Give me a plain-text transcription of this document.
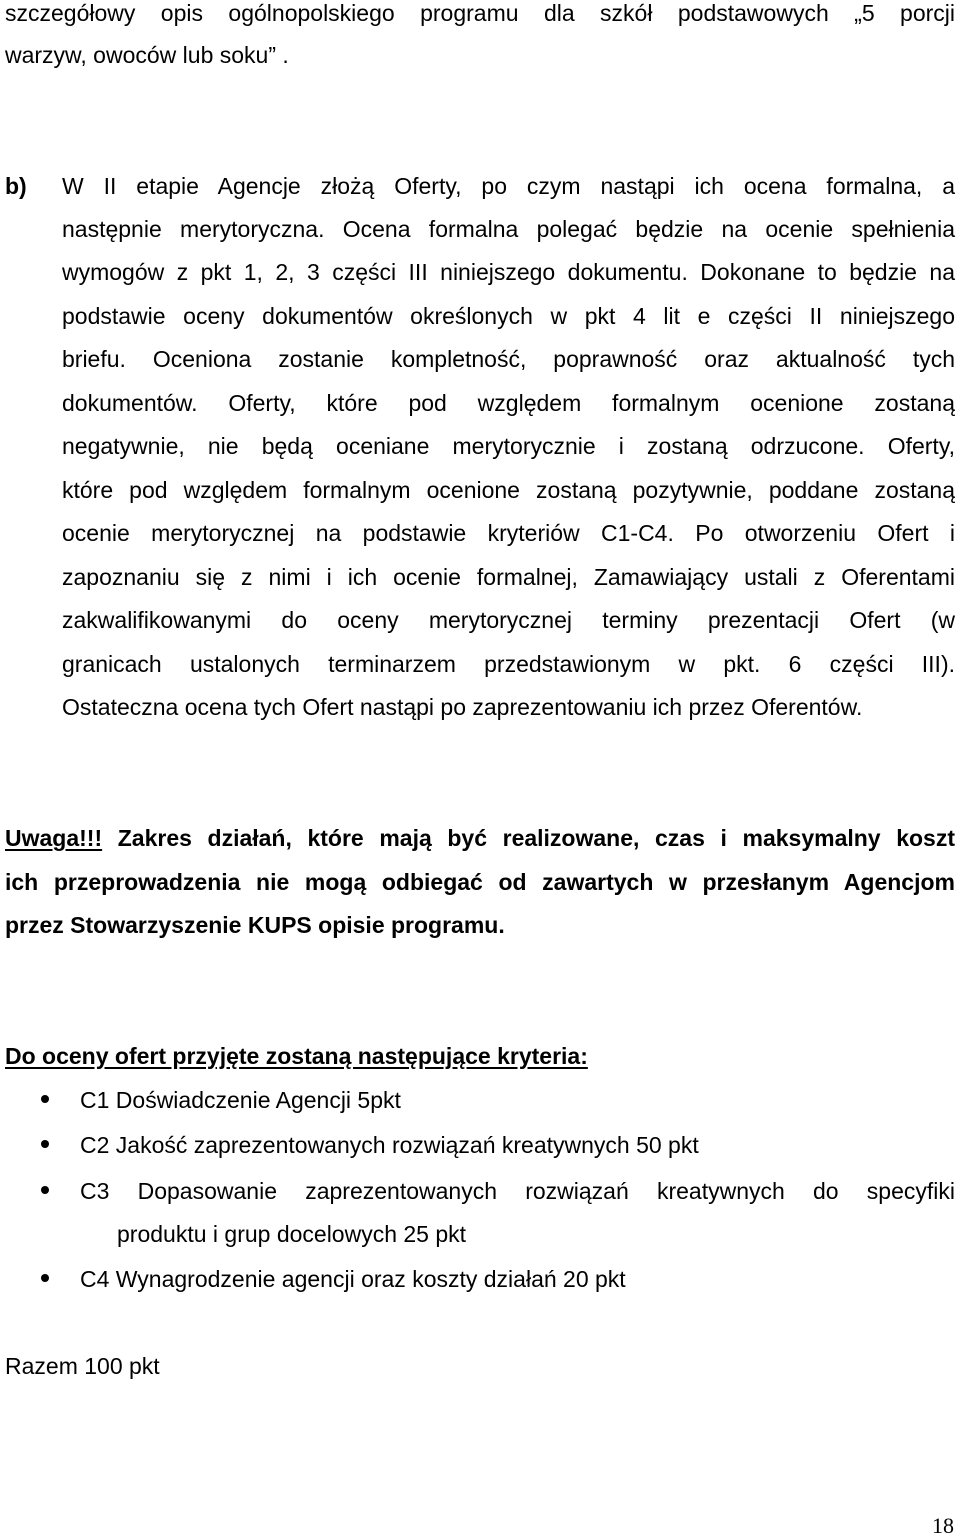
szczegółowy opis ogólnopolskiego programu dla szkół podstawowych „5 porcji
warzyw, owoców lub soku” .
b) W II etapie Agencje złożą Oferty, po czym nastąpi ich ocena formalna, a
następnie merytoryczna. Ocena formalna polegać będzie na ocenie spełnienia
wymogów z pkt 1, 2, 3 części III niniejszego dokumentu. Dokonane to będzie na
podstawie oceny dokumentów określonych w pkt 4 lit e części II niniejszego
briefu. Oceniona zostanie kompletność, poprawność oraz aktualność tych
dokumentów. Oferty, które pod względem formalnym ocenione zostaną
negatywnie, nie będą oceniane merytorycznie i zostaną odrzucone. Oferty,
które pod względem formalnym ocenione zostaną pozytywnie, poddane zostaną
ocenie merytorycznej na podstawie kryteriów C1-C4. Po otworzeniu Ofert i
zapoznaniu się z nimi i ich ocenie formalnej, Zamawiający ustali z Oferentami
zakwalifikowanymi do oceny merytorycznej terminy prezentacji Ofert (w
granicach ustalonych terminarzem przedstawionym w pkt. 6 części III).
Ostateczna ocena tych Ofert nastąpi po zaprezentowaniu ich przez Oferentów.
Uwaga!!! Zakres działań, które mają być realizowane, czas i maksymalny koszt
ich przeprowadzenia nie mogą odbiegać od zawartych w przesłanym Agencjom
przez Stowarzyszenie KUPS opisie programu.
Do oceny ofert przyjęte zostaną następujące kryteria:
C1 Doświadczenie Agencji 5pkt
C2 Jakość zaprezentowanych rozwiązań kreatywnych 50 pkt
C3 Dopasowanie zaprezentowanych rozwiązań kreatywnych do specyfiki
produktu i grup docelowych 25 pkt
C4 Wynagrodzenie agencji oraz koszty działań 20 pkt
Razem 100 pkt
18
